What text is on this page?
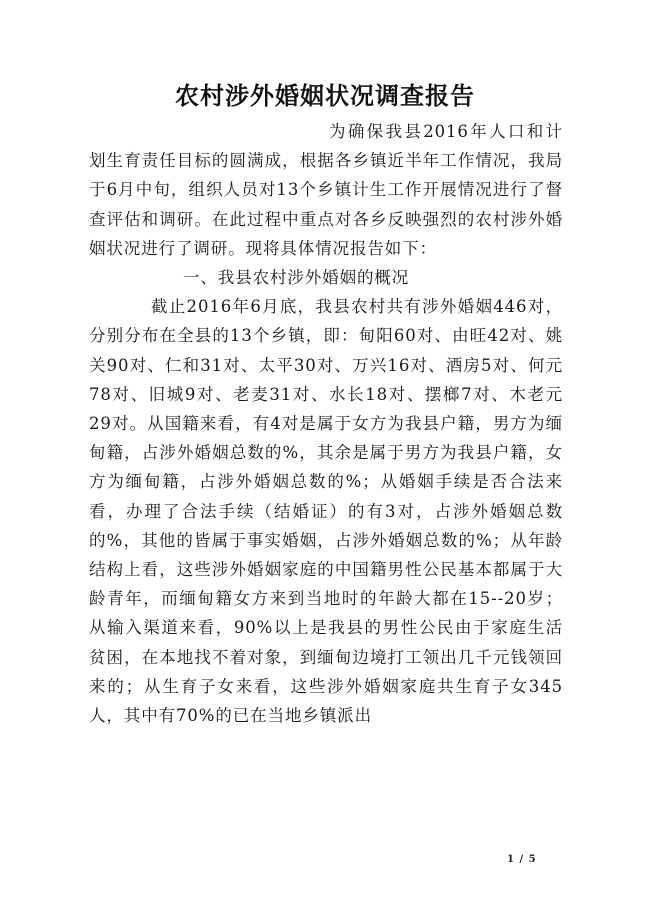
农村涉外婚姻状况调查报告

为确保我县2016年人口和计划生育责任目标的圆满成，根据各乡镇近半年工作情况，我局于6月中旬，组织人员对13个乡镇计生工作开展情况进行了督查评估和调研。在此过程中重点对各乡反映强烈的农村涉外婚姻状况进行了调研。现将具体情况报告如下：

一、我县农村涉外婚姻的概况

截止2016年6月底，我县农村共有涉外婚姻446对，分别分布在全县的13个乡镇，即：甸阳60对、由旺42对、姚关90对、仁和31对、太平30对、万兴16对、酒房5对、何元78对、旧城9对、老麦31对、水长18对、摆榔7对、木老元29对。从国籍来看，有4对是属于女方为我县户籍，男方为缅甸籍，占涉外婚姻总数的%，其余是属于男方为我县户籍，女方为缅甸籍，占涉外婚姻总数的%；从婚姻手续是否合法来看，办理了合法手续（结婚证）的有3对，占涉外婚姻总数的%，其他的皆属于事实婚姻，占涉外婚姻总数的%；从年龄结构上看，这些涉外婚姻家庭的中国籍男性公民基本都属于大龄青年，而缅甸籍女方来到当地时的年龄大都在15--20岁；从输入渠道来看，90%以上是我县的男性公民由于家庭生活贫困，在本地找不着对象，到缅甸边境打工领出几千元钱领回来的；从生育子女来看，这些涉外婚姻家庭共生育子女345人，其中有70%的已在当地乡镇派出

1 / 5
